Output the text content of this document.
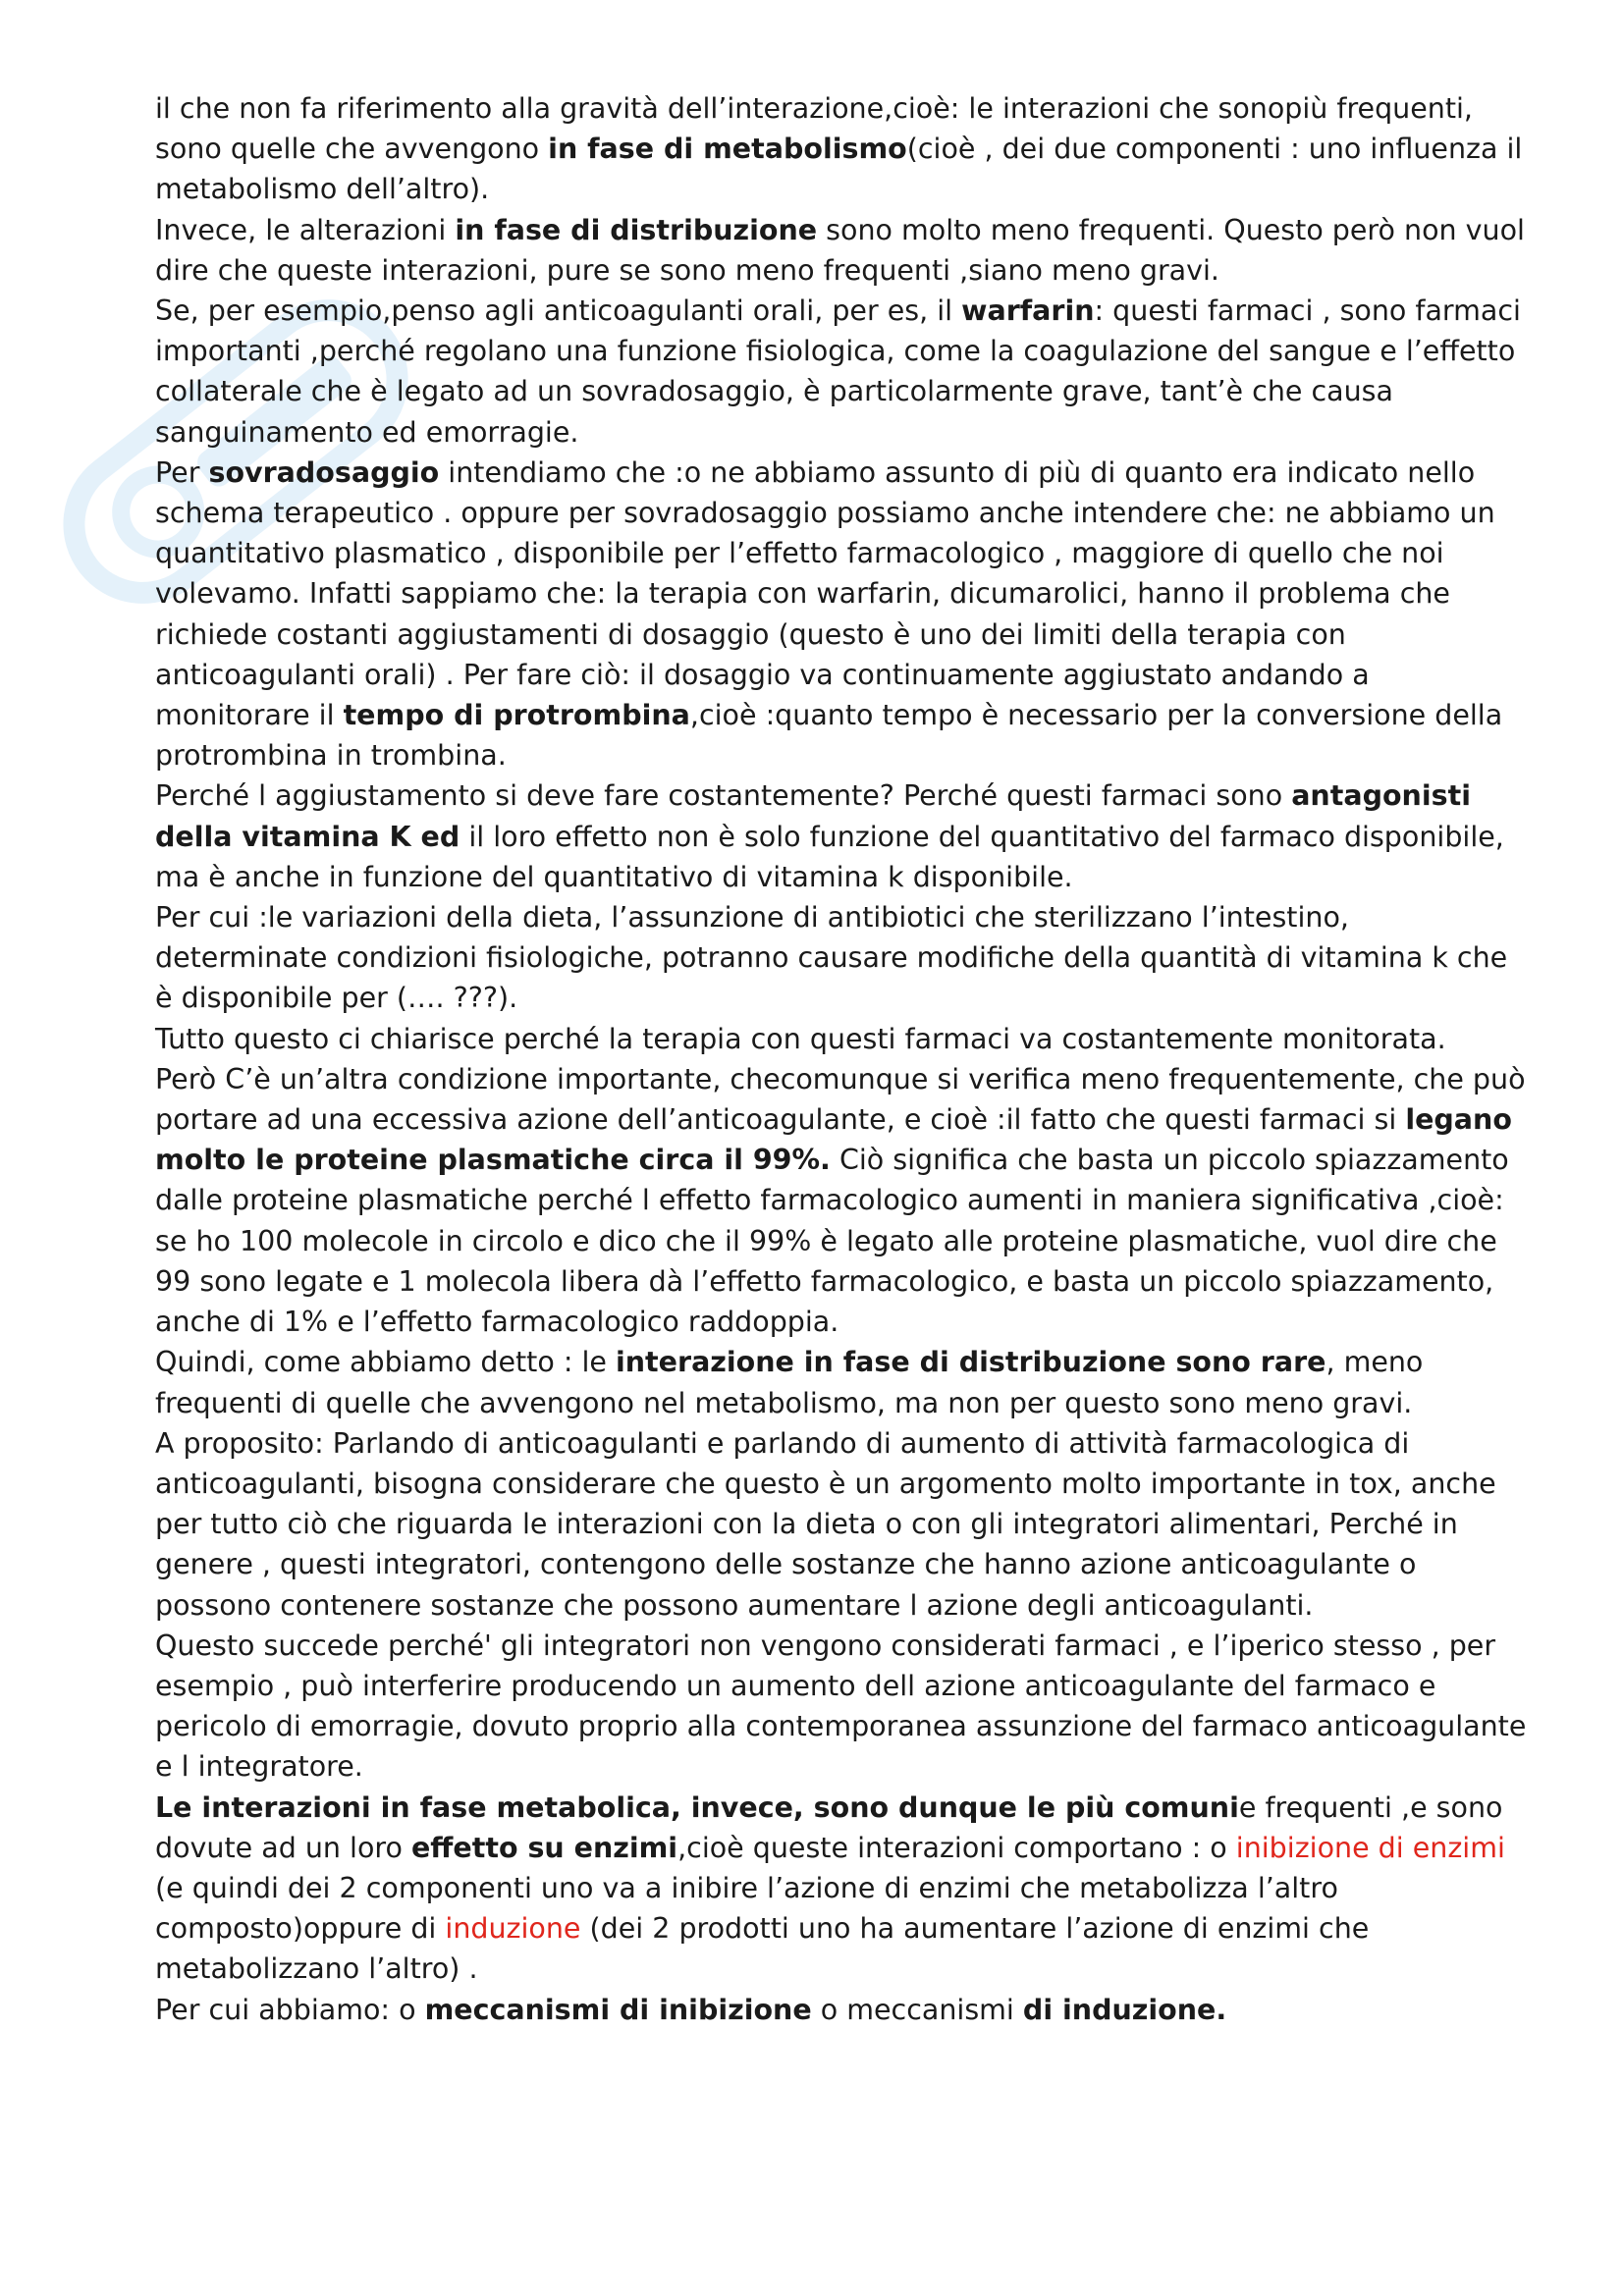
il che non fa riferimento alla gravità dell’interazione,cioè: le interazioni che sonopiù frequenti, sono quelle che avvengono in fase di metabolismo(cioè , dei due componenti : uno influenza il metabolismo dell’altro).

Invece, le alterazioni in fase di distribuzione sono molto meno frequenti. Questo però non vuol dire che queste interazioni, pure se sono meno frequenti ,siano meno gravi.

Se, per esempio,penso agli anticoagulanti orali, per es, il warfarin: questi farmaci , sono farmaci importanti ,perché regolano una funzione fisiologica, come la coagulazione del sangue e l’effetto collaterale che è legato ad un sovradosaggio, è particolarmente grave, tant’è che causa sanguinamento ed emorragie.

Per sovradosaggio intendiamo che :o ne abbiamo assunto di più di quanto era indicato nello schema terapeutico . oppure per sovradosaggio possiamo anche intendere che: ne abbiamo un quantitativo plasmatico , disponibile per l’effetto farmacologico , maggiore di quello che noi volevamo. Infatti sappiamo che: la terapia con warfarin, dicumarolici, hanno il problema che richiede costanti aggiustamenti di dosaggio (questo è uno dei limiti della terapia con anticoagulanti orali) . Per fare ciò: il dosaggio va continuamente aggiustato andando a monitorare il tempo di protrombina,cioè :quanto tempo è necessario per la conversione della protrombina in trombina.

Perché l aggiustamento si deve fare costantemente? Perché questi farmaci sono antagonisti della vitamina K ed il loro effetto non è solo funzione del quantitativo del farmaco disponibile, ma è anche in funzione del quantitativo di vitamina k disponibile.

Per cui :le variazioni della dieta, l’assunzione di antibiotici che sterilizzano l’intestino, determinate condizioni fisiologiche, potranno causare modifiche della quantità di vitamina k che è disponibile per (…. ???).

Tutto questo ci chiarisce perché la terapia con questi farmaci va costantemente monitorata.

Però C’è un’altra condizione importante, checomunque si verifica meno frequentemente, che può portare ad una eccessiva azione dell’anticoagulante, e cioè :il fatto che questi farmaci si legano molto le proteine plasmatiche circa il 99%. Ciò significa che basta un piccolo spiazzamento dalle proteine plasmatiche perché l effetto farmacologico aumenti in maniera significativa ,cioè: se ho 100 molecole in circolo e dico che il 99% è legato alle proteine plasmatiche, vuol dire che 99 sono legate e 1 molecola libera dà l’effetto farmacologico, e basta un piccolo spiazzamento, anche di 1% e l’effetto farmacologico raddoppia.

Quindi, come abbiamo detto : le interazione in fase di distribuzione sono rare, meno frequenti di quelle che avvengono nel metabolismo, ma non per questo sono meno gravi.

A proposito: Parlando di anticoagulanti e parlando di aumento di attività farmacologica di anticoagulanti, bisogna considerare che questo è un argomento molto importante in tox, anche per tutto ciò che riguarda le interazioni con la dieta o con gli integratori alimentari, Perché in genere , questi integratori, contengono delle sostanze che hanno azione anticoagulante o possono contenere sostanze che possono aumentare l azione degli anticoagulanti.

Questo succede perché' gli integratori non vengono considerati farmaci , e l’iperico stesso , per esempio , può interferire producendo un aumento dell azione anticoagulante del farmaco e pericolo di emorragie, dovuto proprio alla contemporanea assunzione del farmaco anticoagulante e l integratore.

Le interazioni in fase metabolica, invece, sono dunque le più comunie frequenti ,e sono dovute ad un loro effetto su enzimi,cioè queste interazioni comportano : o inibizione di enzimi (e quindi dei 2 componenti uno va a inibire l’azione di enzimi che metabolizza l’altro composto)oppure di induzione (dei 2 prodotti uno ha aumentare l’azione di enzimi che metabolizzano l’altro) .

Per cui abbiamo: o meccanismi di inibizione o meccanismi di induzione.
